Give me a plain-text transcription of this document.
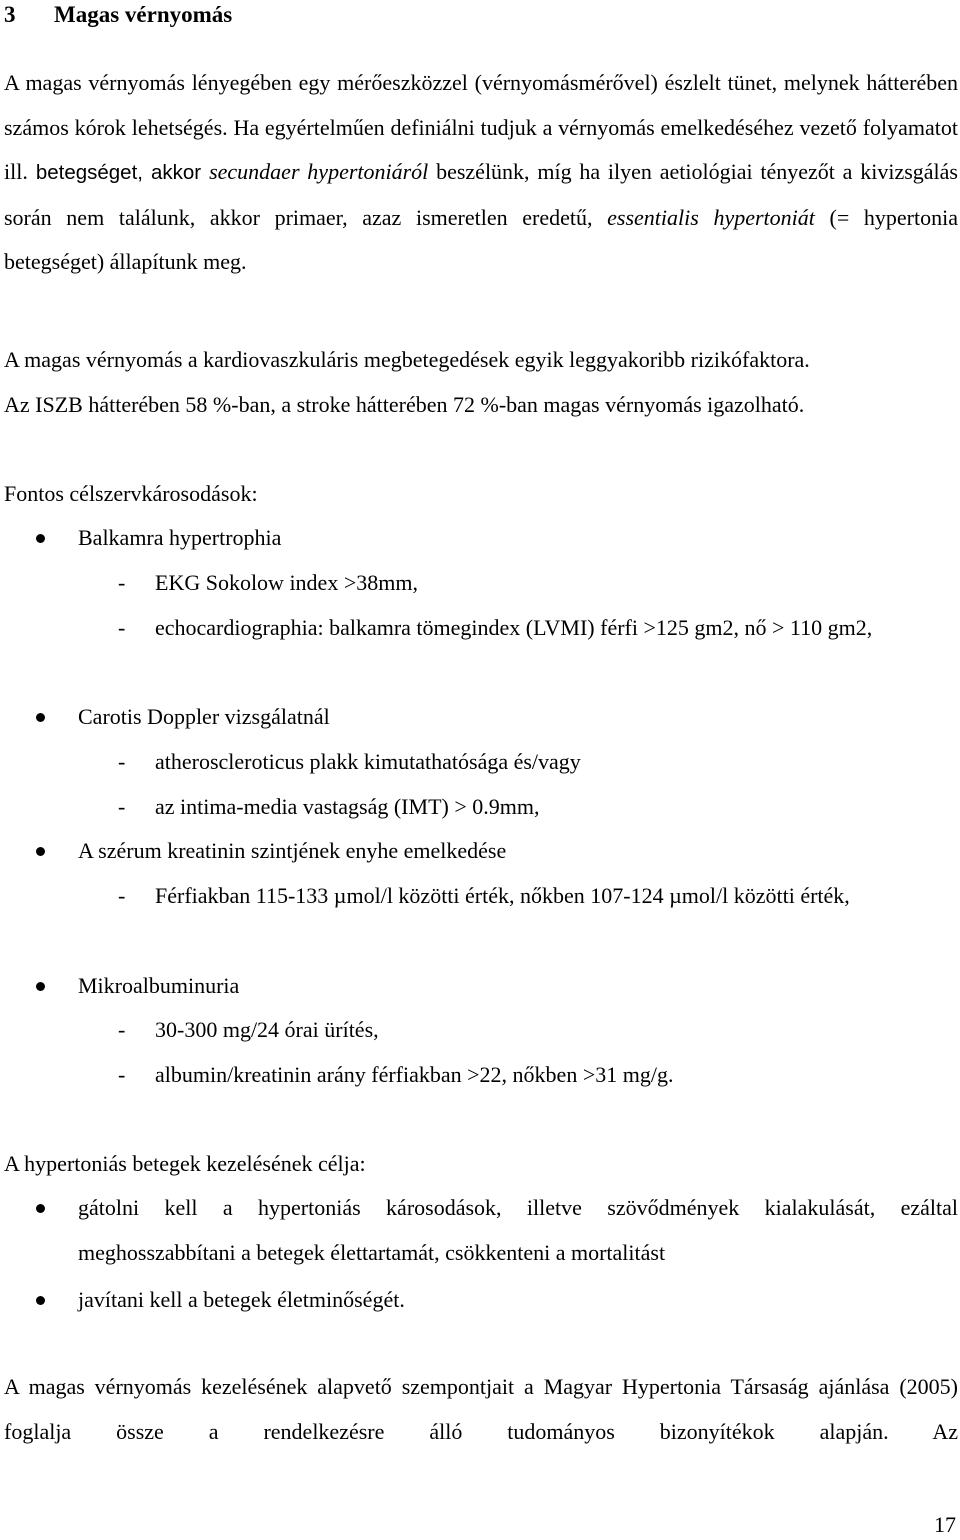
3 Magas vérnyomás

A magas vérnyomás lényegében egy mérőeszközzel (vérnyomásmérővel) észlelt tünet, melynek hátterében számos kórok lehetségés. Ha egyértelműen definiálni tudjuk a vérnyomás emelkedéséhez vezető folyamatot ill. betegséget, akkor secundaer hypertoniáról beszélünk, míg ha ilyen aetiológiai tényezőt a kivizsgálás során nem találunk, akkor primaer, azaz ismeretlen eredetű, essentialis hypertoniát (= hypertonia betegséget) állapítunk meg.

A magas vérnyomás a kardiovaszkuláris megbetegedések egyik leggyakoribb rizikófaktora.

Az ISZB hátterében 58 %-ban, a stroke hátterében 72 %-ban magas vérnyomás igazolható.

Fontos célszervkárosodások:

Balkamra hypertrophia

- EKG Sokolow index >38mm,

- echocardiographia: balkamra tömegindex (LVMI) férfi >125 gm2, nő > 110 gm2,

Carotis Doppler vizsgálatnál

- atheroscleroticus plakk kimutathatósága és/vagy

- az intima-media vastagság (IMT) > 0.9mm,

A szérum kreatinin szintjének enyhe emelkedése

- Férfiakban 115-133 µmol/l közötti érték, nőkben 107-124 µmol/l közötti érték,

Mikroalbuminuria

- 30-300 mg/24 órai ürítés,

- albumin/kreatinin arány férfiakban >22, nőkben >31 mg/g.

A hypertoniás betegek kezelésének célja:

gátolni kell a hypertoniás károsodások, illetve szövődmények kialakulását, ezáltal meghosszabbítani a betegek élettartamát, csökkenteni a mortalitást

javítani kell a betegek életminőségét.

A magas vérnyomás kezelésének alapvető szempontjait a Magyar Hypertonia Társaság ajánlása (2005) foglalja össze a rendelkezésre álló tudományos bizonyítékok alapján. Az

17
